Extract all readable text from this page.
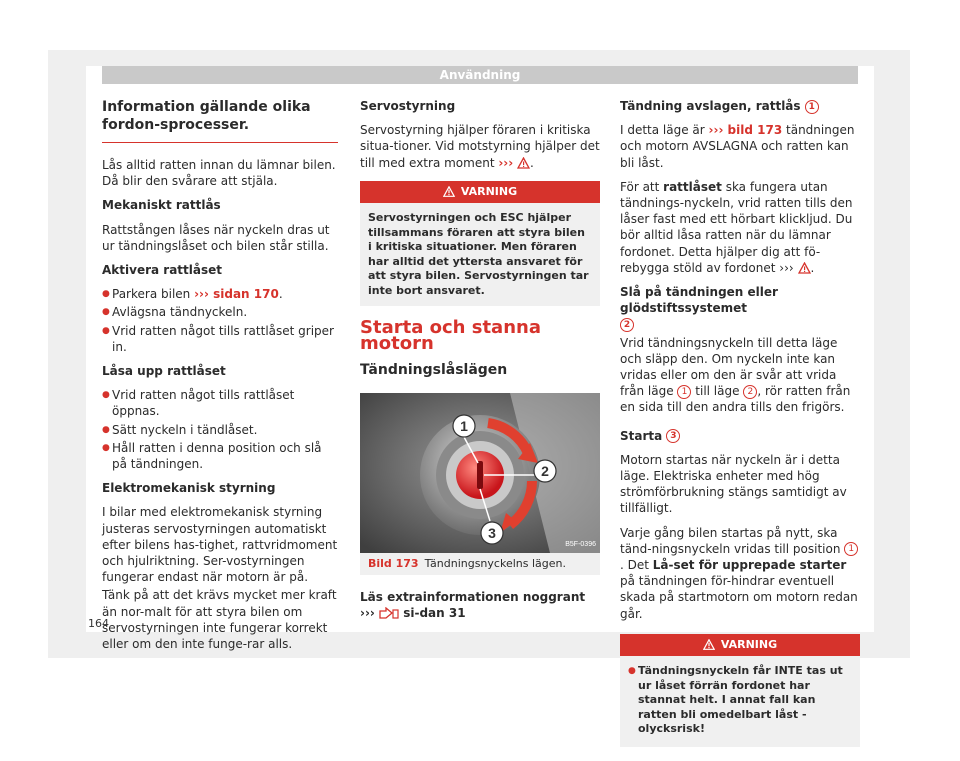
Användning
Information gällande olika fordon-sprocesser.

Lås alltid ratten innan du lämnar bilen. Då blir den svårare att stjäla.

Mekaniskt rattlås

Rattstången låses när nyckeln dras ut ur tändningslåset och bilen står stilla.

Aktivera rattlåset

● Parkera bilen ››› sidan 170.
● Avlägsna tändnyckeln.
● Vrid ratten något tills rattlåset griper in.

Låsa upp rattlåset

● Vrid ratten något tills rattlåset öppnas.
● Sätt nyckeln i tändlåset.
● Håll ratten i denna position och slå på tändningen.

Elektromekanisk styrning

I bilar med elektromekanisk styrning justeras servostyrningen automatiskt efter bilens has-tighet, rattvridmoment och hjulriktning. Ser-vostyrningen fungerar endast när motorn är på.

Tänk på att det krävs mycket mer kraft än nor-malt för att styra bilen om servostyrningen inte fungerar korrekt eller om den inte funge-rar alls.

Servostyrning

Servostyrning hjälper föraren i kritiska situa-tioner. Vid motstyrning hjälper det till med extra moment ››› .

VARNING
Servostyrningen och ESC hjälper tillsammans föraren att styra bilen i kritiska situationer. Men föraren har alltid det yttersta ansvaret för att styra bilen. Servostyrningen tar inte bort ansvaret.
Starta och stanna motorn
Tändningslåslägen
1
2
3
B5F-0396
Bild 173 Tändningsnyckelns lägen.

Läs extrainformationen noggrant ››› si-dan 31

Tändning avslagen, rattlås 1

I detta läge är ››› bild 173 tändningen och motorn AVSLAGNA och ratten kan bli låst.

För att rattlåset ska fungera utan tändnings-nyckeln, vrid ratten tills den låser fast med ett hörbart klickljud. Du bör alltid låsa ratten när du lämnar fordonet. Detta hjälper dig att fö-rebygga stöld av fordonet ››› .

Slå på tändningen eller glödstiftssystemet
2

Vrid tändningsnyckeln till detta läge och släpp den. Om nyckeln inte kan vridas eller om den är svår att vrida från läge 1 till läge 2 , rör ratten från en sida till den andra tills den frigörs.

Starta 3

Motorn startas när nyckeln är i detta läge. Elektriska enheter med hög strömförbrukning stängs samtidigt av tillfälligt.

Varje gång bilen startas på nytt, ska tänd-ningsnyckeln vridas till position 1. Det Lå-set för upprepade starter på tändningen för-hindrar eventuell skada på startmotorn om motorn redan går.

VARNING
● Tändningsnyckeln får INTE tas ut ur låset förrän fordonet har stannat helt. I annat fall kan ratten bli omedelbart låst - olycksrisk!
164
